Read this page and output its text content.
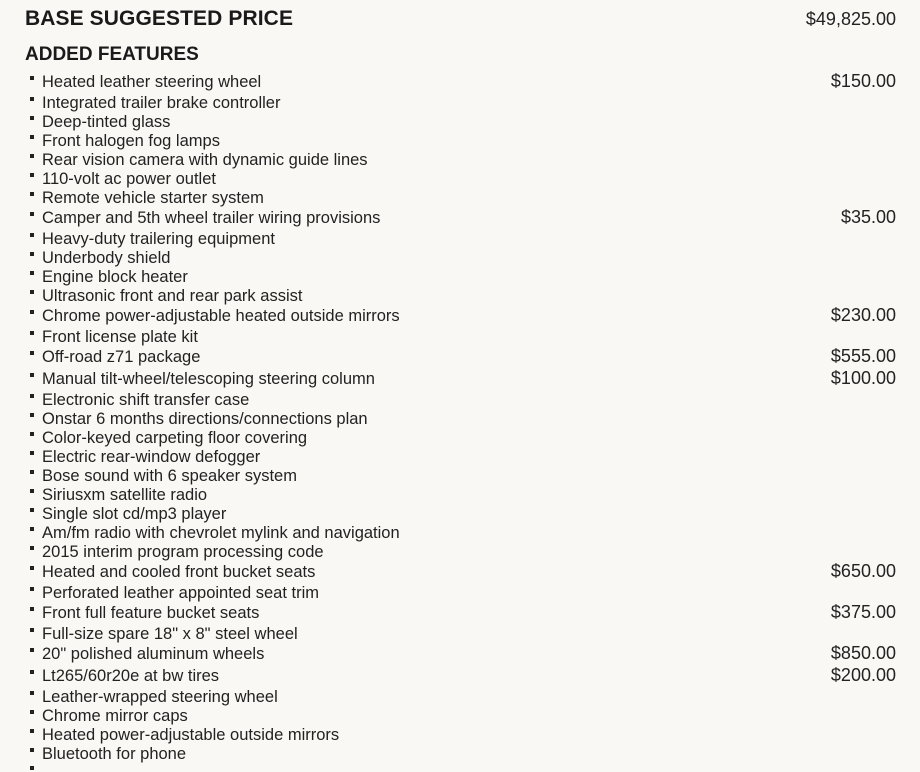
BASE SUGGESTED PRICE	$49,825.00
ADDED FEATURES
Heated leather steering wheel	$150.00
Integrated trailer brake controller
Deep-tinted glass
Front halogen fog lamps
Rear vision camera with dynamic guide lines
110-volt ac power outlet
Remote vehicle starter system
Camper and 5th wheel trailer wiring provisions	$35.00
Heavy-duty trailering equipment
Underbody shield
Engine block heater
Ultrasonic front and rear park assist
Chrome power-adjustable heated outside mirrors	$230.00
Front license plate kit
Off-road z71 package	$555.00
Manual tilt-wheel/telescoping steering column	$100.00
Electronic shift transfer case
Onstar 6 months directions/connections plan
Color-keyed carpeting floor covering
Electric rear-window defogger
Bose sound with 6 speaker system
Siriusxm satellite radio
Single slot cd/mp3 player
Am/fm radio with chevrolet mylink and navigation
2015 interim program processing code
Heated and cooled front bucket seats	$650.00
Perforated leather appointed seat trim
Front full feature bucket seats	$375.00
Full-size spare 18" x 8" steel wheel
20" polished aluminum wheels	$850.00
Lt265/60r20e at bw tires	$200.00
Leather-wrapped steering wheel
Chrome mirror caps
Heated power-adjustable outside mirrors
Bluetooth for phone
